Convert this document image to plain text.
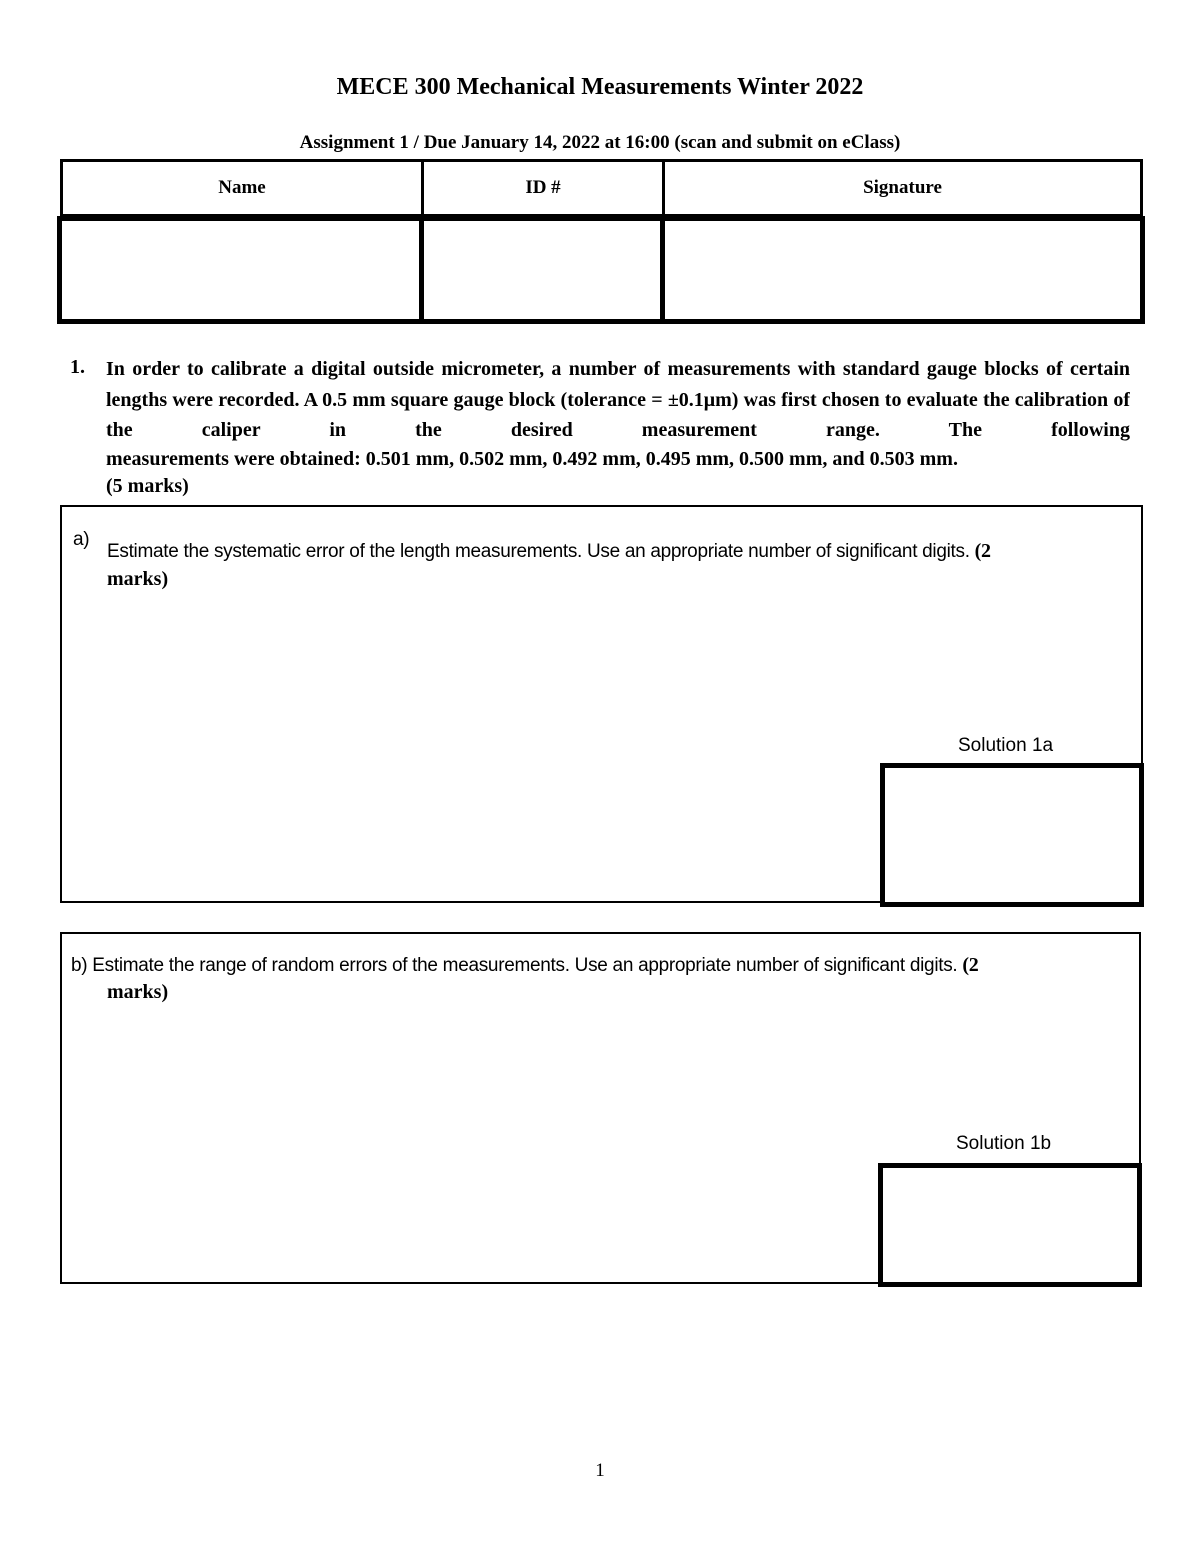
MECE 300 Mechanical Measurements Winter 2022
Assignment 1 / Due January 14, 2022 at 16:00 (scan and submit on eClass)
Name	ID #	Signature
1. In order to calibrate a digital outside micrometer, a number of measurements with standard gauge blocks of certain lengths were recorded. A 0.5 mm square gauge block (tolerance = ±0.1μm) was first chosen to evaluate the calibration of the caliper in the desired measurement range. The following
measurements were obtained: 0.501 mm, 0.502 mm, 0.492 mm, 0.495 mm, 0.500 mm, and 0.503 mm.
(5 marks)
a)
Estimate the systematic error of the length measurements. Use an appropriate number of significant digits. (2
marks)
Solution 1a
b) Estimate the range of random errors of the measurements. Use an appropriate number of significant digits. (2
marks)
Solution 1b
1
